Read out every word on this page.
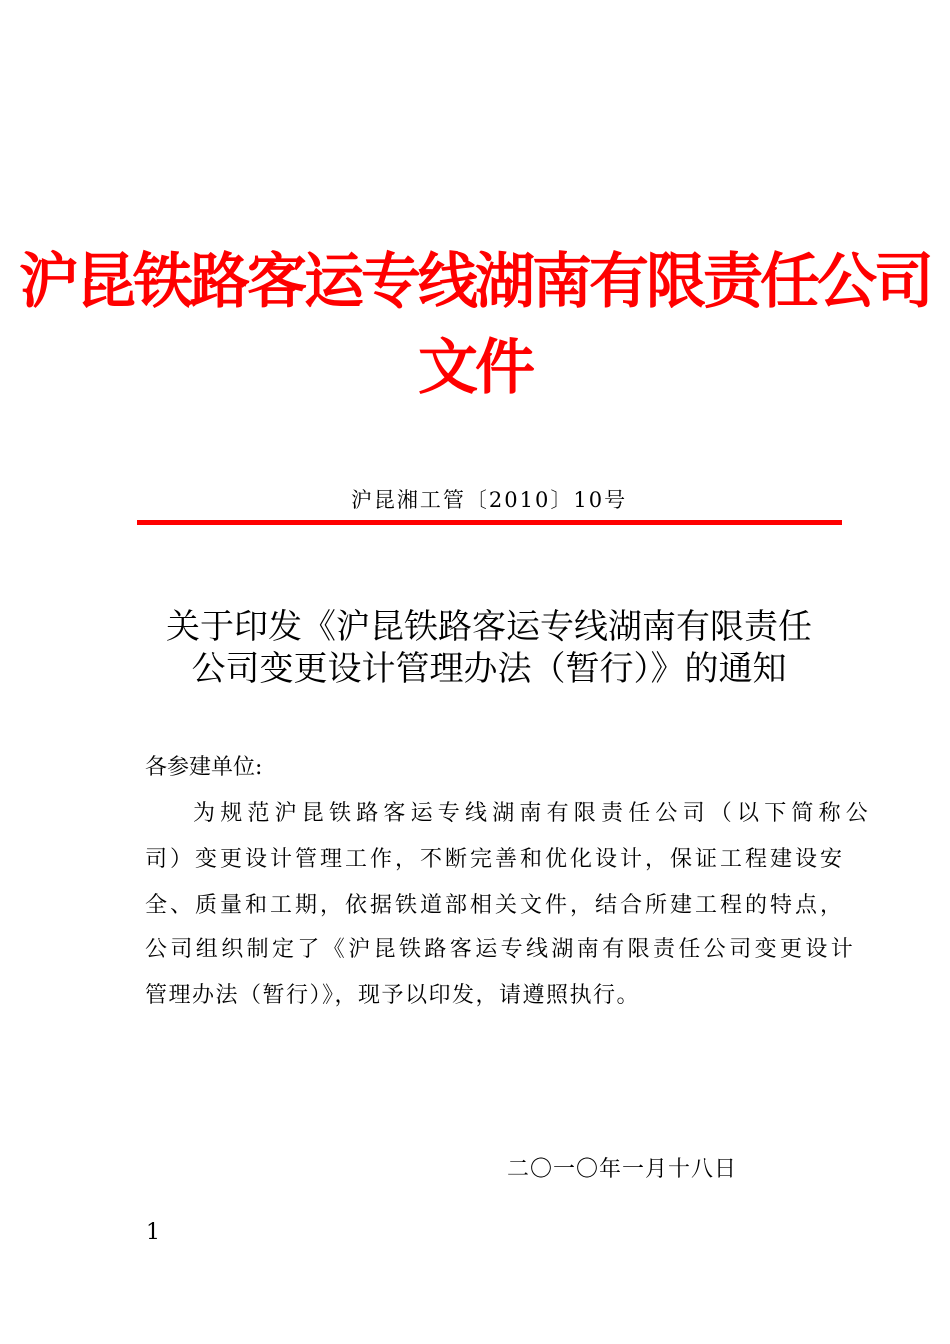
沪昆铁路客运专线湖南有限责任公司
文件
沪昆湘工管〔2010〕10号
关于印发《沪昆铁路客运专线湖南有限责任
公司变更设计管理办法（暂行）》的通知
各参建单位:
为规范沪昆铁路客运专线湖南有限责任公司（以下简称公
司）变更设计管理工作，不断完善和优化设计，保证工程建设安
全、质量和工期，依据铁道部相关文件，结合所建工程的特点，
公司组织制定了《沪昆铁路客运专线湖南有限责任公司变更设计
管理办法（暂行）》，现予以印发，请遵照执行。
二〇一〇年一月十八日
1
